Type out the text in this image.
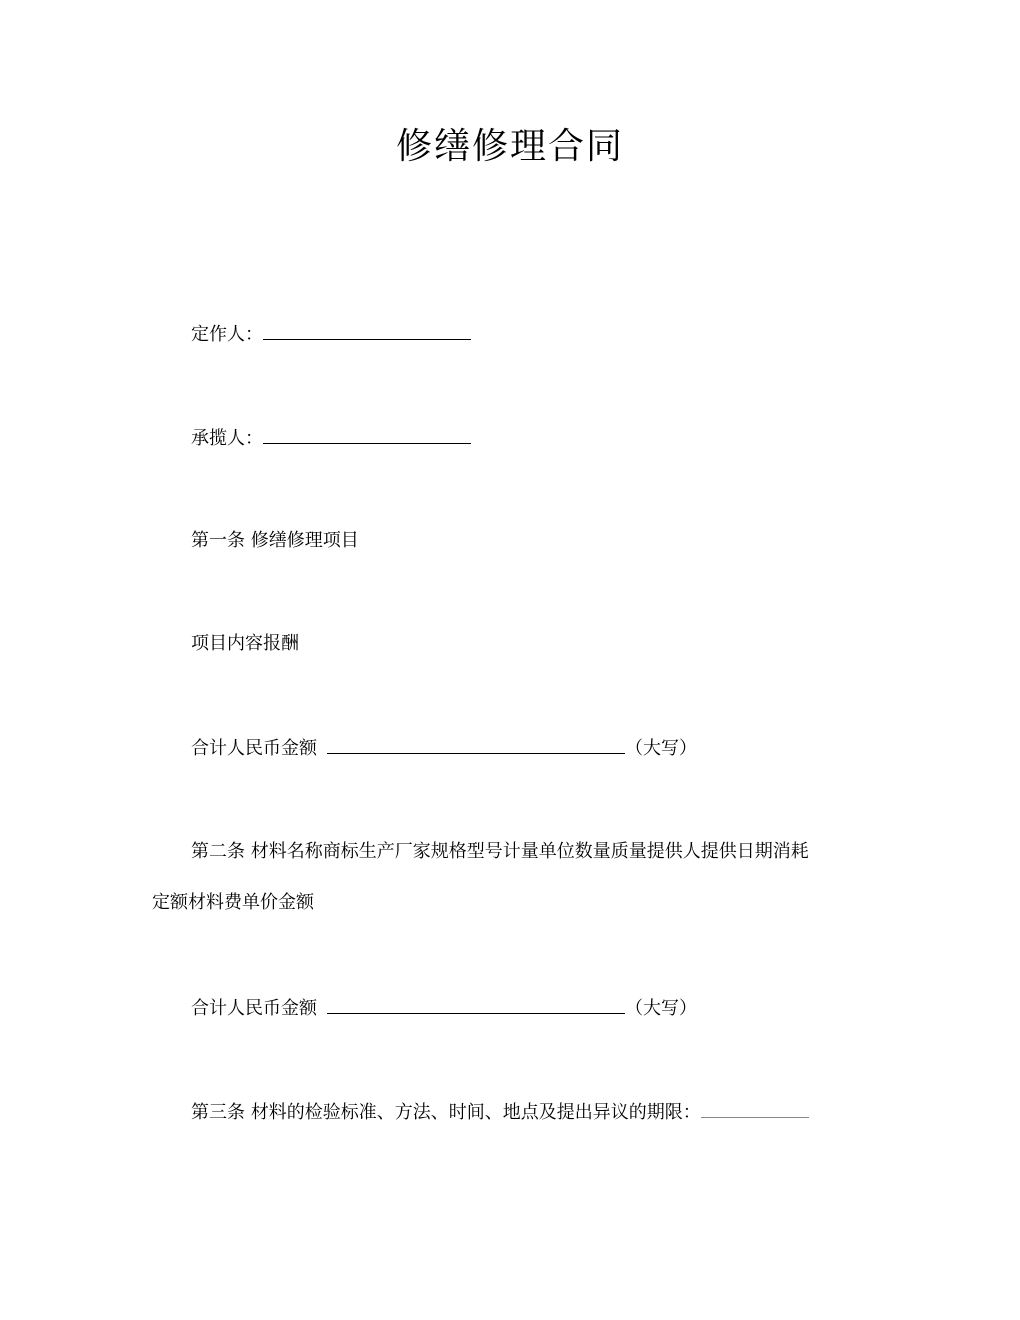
修缮修理合同
定作人：
承揽人：
第一条 修缮修理项目
项目内容报酬
合计人民币金额	（大写）
第二条 材料名称商标生产厂家规格型号计量单位数量质量提供人提供日期消耗
定额材料费单价金额
合计人民币金额	（大写）
第三条 材料的检验标准、方法、时间、地点及提出异议的期限：
